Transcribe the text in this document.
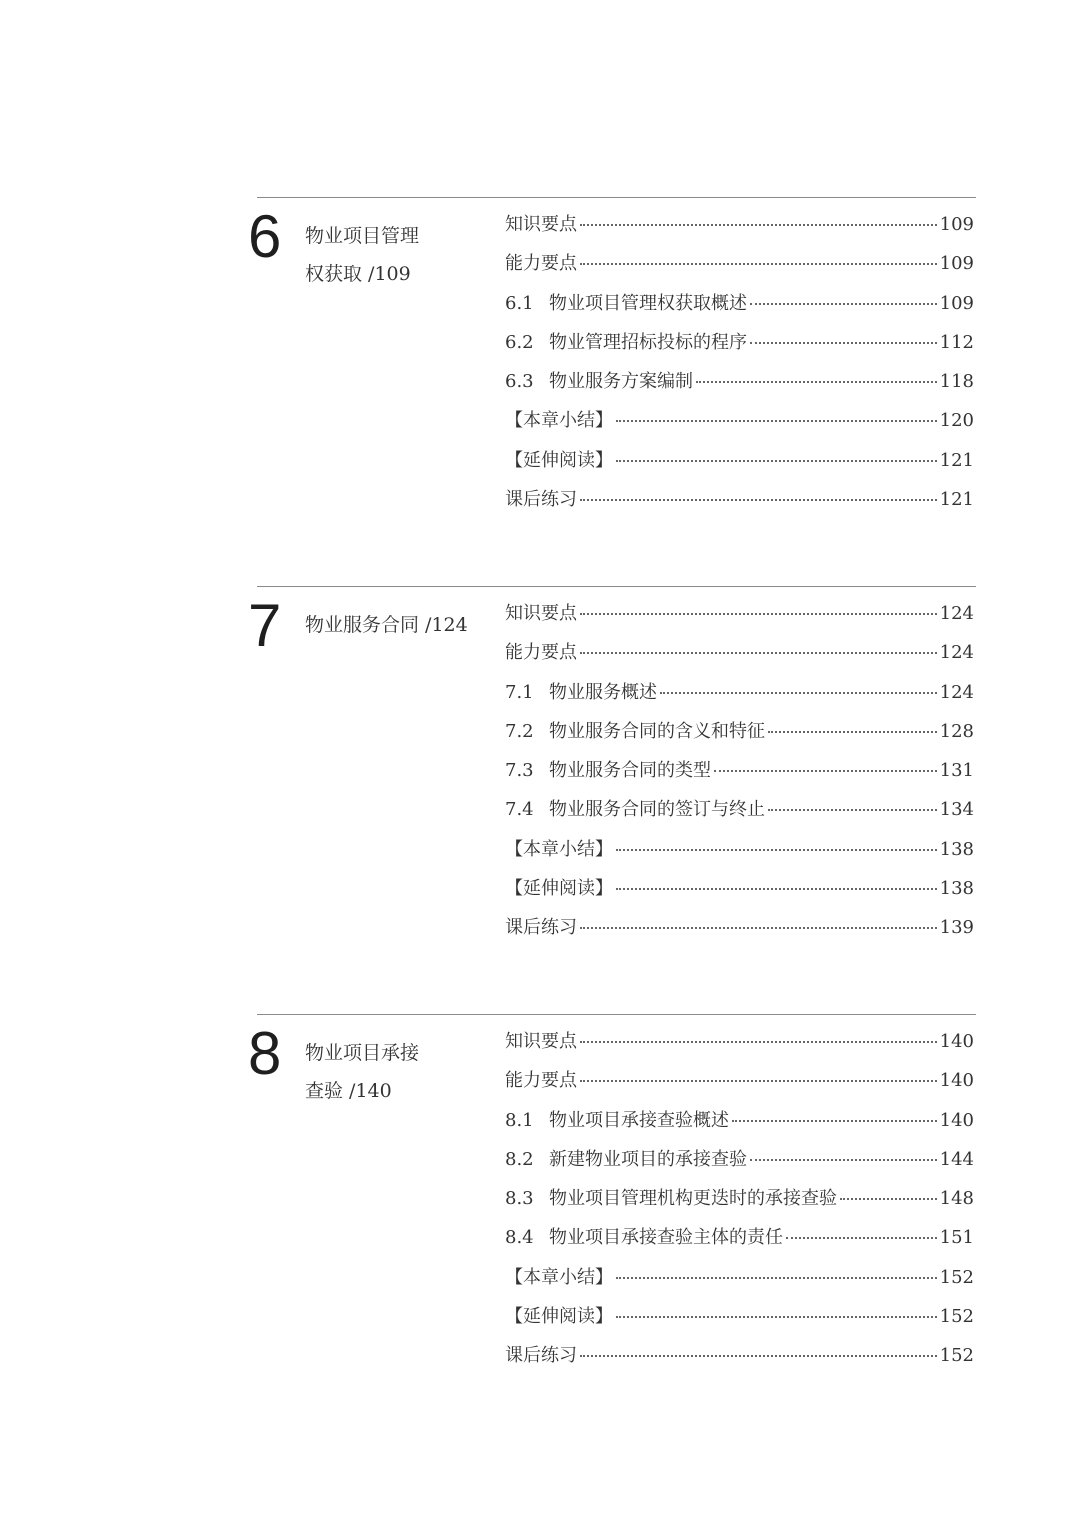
6 物业项目管理
权获取 /109
知识要点	109
能力要点	109
6.1 物业项目管理权获取概述	109
6.2 物业管理招标投标的程序	112
6.3 物业服务方案编制	118
【本章小结】	120
【延伸阅读】	121
课后练习	121
7 物业服务合同 /124
知识要点	124
能力要点	124
7.1 物业服务概述	124
7.2 物业服务合同的含义和特征	128
7.3 物业服务合同的类型	131
7.4 物业服务合同的签订与终止	134
【本章小结】	138
【延伸阅读】	138
课后练习	139
8 物业项目承接
查验 /140
知识要点	140
能力要点	140
8.1 物业项目承接查验概述	140
8.2 新建物业项目的承接查验	144
8.3 物业项目管理机构更迭时的承接查验	148
8.4 物业项目承接查验主体的责任	151
【本章小结】	152
【延伸阅读】	152
课后练习	152
